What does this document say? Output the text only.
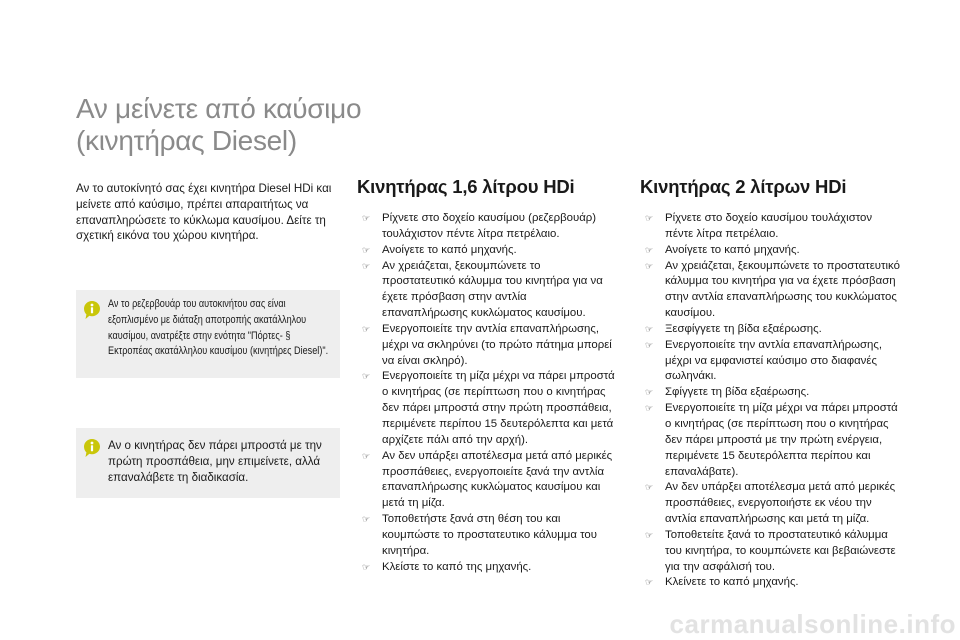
Αν μείνετε από καύσιμο
(κινητήρας Diesel)

Αν το αυτοκίνητό σας έχει κινητήρα Diesel HDi και μείνετε από καύσιμο, πρέπει απαραιτήτως να επαναπληρώσετε το κύκλωμα καυσίμου. Δείτε τη σχετική εικόνα του χώρου κινητήρα.

Αν το ρεζερβουάρ του αυτοκινήτου σας είναι εξοπλισμένο με διάταξη αποτροπής ακατάλληλου καυσίμου, ανατρέξτε στην ενότητα "Πόρτες- § Εκτροπέας ακατάλληλου καυσίμου (κινητήρες Diesel)".

Αν ο κινητήρας δεν πάρει μπροστά με την πρώτη προσπάθεια, μην επιμείνετε, αλλά επαναλάβετε τη διαδικασία.

Κινητήρας 1,6 λίτρου HDi
☞ Ρίχνετε στο δοχείο καυσίμου (ρεζερβουάρ) τουλάχιστον πέντε λίτρα πετρέλαιο.
☞ Ανοίγετε το καπό μηχανής.
☞ Αν χρειάζεται, ξεκουμπώνετε το προστατευτικό κάλυμμα του κινητήρα για να έχετε πρόσβαση στην αντλία επαναπλήρωσης κυκλώματος καυσίμου.
☞ Ενεργοποιείτε την αντλία επαναπλήρωσης, μέχρι να σκληρύνει (το πρώτο πάτημα μπορεί να είναι σκληρό).
☞ Ενεργοποιείτε τη μίζα μέχρι να πάρει μπροστά ο κινητήρας (σε περίπτωση που ο κινητήρας δεν πάρει μπροστά στην πρώτη προσπάθεια, περιμένετε περίπου 15 δευτερόλεπτα και μετά αρχίζετε πάλι από την αρχή).
☞ Αν δεν υπάρξει αποτέλεσμα μετά από μερικές προσπάθειες, ενεργοποιείτε ξανά την αντλία επαναπλήρωσης κυκλώματος καυσίμου και μετά τη μίζα.
☞ Τοποθετήστε ξανά στη θέση του και κουμπώστε το προστατευτικο κάλυμμα του κινητήρα.
☞ Κλείστε το καπό της μηχανής.
Κινητήρας 2 λίτρων HDi
☞ Ρίχνετε στο δοχείο καυσίμου τουλάχιστον πέντε λίτρα πετρέλαιο.
☞ Ανοίγετε το καπό μηχανής.
☞ Αν χρειάζεται, ξεκουμπώνετε το προστατευτικό κάλυμμα του κινητήρα για να έχετε πρόσβαση στην αντλία επαναπλήρωσης του κυκλώματος καυσίμου.
☞ Ξεσφίγγετε τη βίδα εξαέρωσης.
☞ Ενεργοποιείτε την αντλία επαναπλήρωσης, μέχρι να εμφανιστεί καύσιμο στο διαφανές σωληνάκι.
☞ Σφίγγετε τη βίδα εξαέρωσης.
☞ Ενεργοποιείτε τη μίζα μέχρι να πάρει μπροστά ο κινητήρας (σε περίπτωση που ο κινητήρας δεν πάρει μπροστά με την πρώτη ενέργεια, περιμένετε 15 δευτερόλεπτα περίπου και επαναλάβατε).
☞ Αν δεν υπάρξει αποτέλεσμα μετά από μερικές προσπάθειες, ενεργοποιήστε εκ νέου την αντλία επαναπλήρωσης και μετά τη μίζα.
☞ Τοποθετείτε ξανά το προστατευτικό κάλυμμα του κινητήρα, το κουμπώνετε και βεβαιώνεστε για την ασφάλισή του.
☞ Κλείνετε το καπό μηχανής.
carmanualsonline.info
